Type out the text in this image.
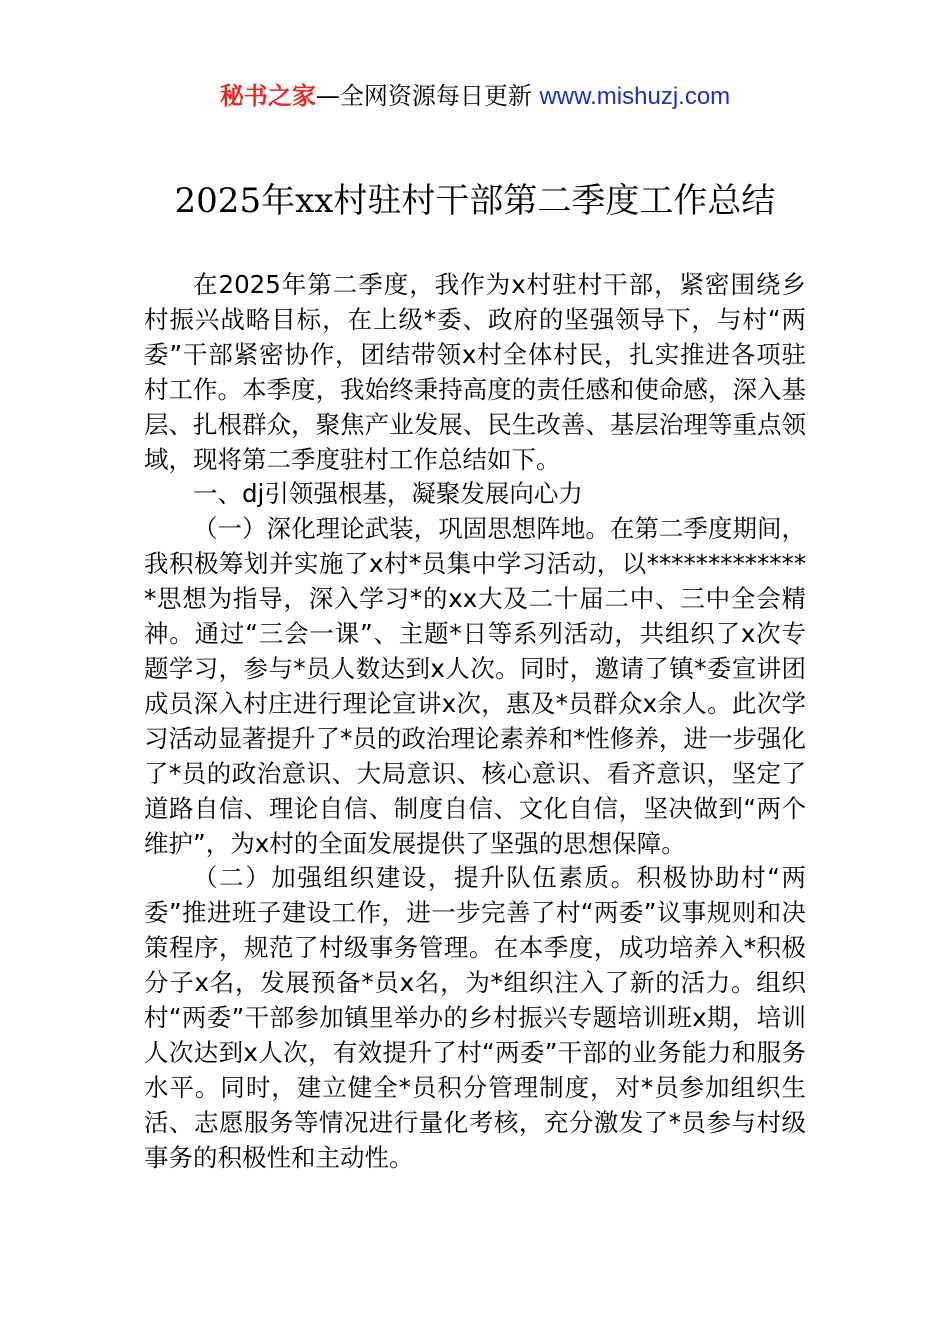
秘书之家—全网资源每日更新 www.mishuzj.com
2025年xx村驻村干部第二季度工作总结

在2025年第二季度，我作为x村驻村干部，紧密围绕乡村振兴战略目标，在上级*委、政府的坚强领导下，与村“两委”干部紧密协作，团结带领x村全体村民，扎实推进各项驻村工作。本季度，我始终秉持高度的责任感和使命感，深入基层、扎根群众，聚焦产业发展、民生改善、基层治理等重点领域，现将第二季度驻村工作总结如下。

一、dj引领强根基，凝聚发展向心力

（一）深化理论武装，巩固思想阵地。在第二季度期间，我积极筹划并实施了x村*员集中学习活动，以**************思想为指导，深入学习*的xx大及二十届二中、三中全会精神。通过“三会一课”、主题*日等系列活动，共组织了x次专题学习，参与*员人数达到x人次。同时，邀请了镇*委宣讲团成员深入村庄进行理论宣讲x次，惠及*员群众x余人。此次学习活动显著提升了*员的政治理论素养和*性修养，进一步强化了*员的政治意识、大局意识、核心意识、看齐意识，坚定了道路自信、理论自信、制度自信、文化自信，坚决做到“两个维护”，为x村的全面发展提供了坚强的思想保障。

（二）加强组织建设，提升队伍素质。积极协助村“两委”推进班子建设工作，进一步完善了村“两委”议事规则和决策程序，规范了村级事务管理。在本季度，成功培养入*积极分子x名，发展预备*员x名，为*组织注入了新的活力。组织村“两委”干部参加镇里举办的乡村振兴专题培训班x期，培训人次达到x人次，有效提升了村“两委”干部的业务能力和服务水平。同时，建立健全*员积分管理制度，对*员参加组织生活、志愿服务等情况进行量化考核，充分激发了*员参与村级事务的积极性和主动性。
